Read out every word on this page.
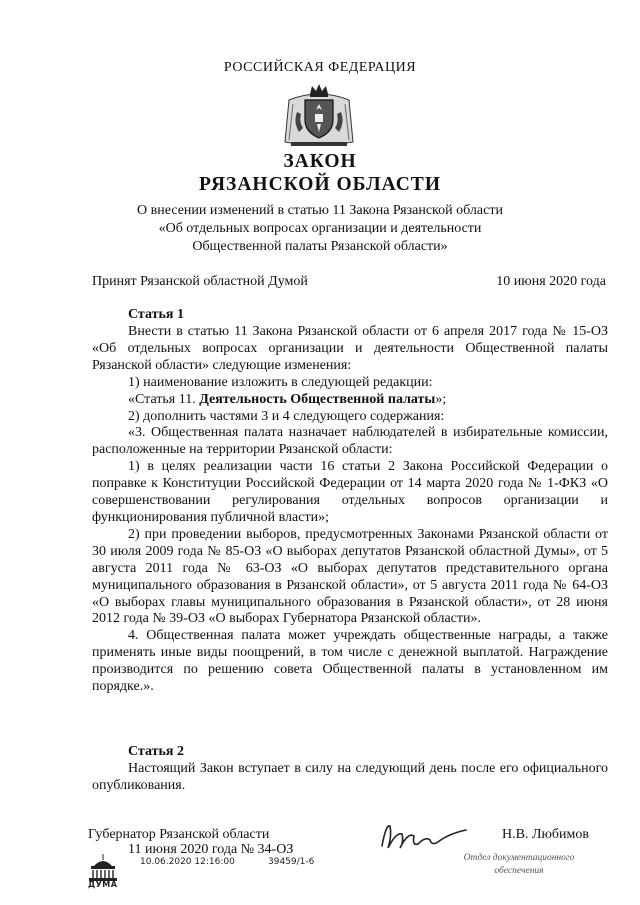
РОССИЙСКАЯ ФЕДЕРАЦИЯ
ЗАКОН
РЯЗАНСКОЙ ОБЛАСТИ
О внесении изменений в статью 11 Закона Рязанской области
«Об отдельных вопросах организации и деятельности
Общественной палаты Рязанской области»
Принят Рязанской областной Думой	10 июня 2020 года
Статья 1

Внести в статью 11 Закона Рязанской области от 6 апреля 2017 года № 15-ОЗ «Об отдельных вопросах организации и деятельности Общественной палаты Рязанской области» следующие изменения:

1) наименование изложить в следующей редакции:

«Статья 11. Деятельность Общественной палаты»;

2) дополнить частями 3 и 4 следующего содержания:

«3. Общественная палата назначает наблюдателей в избирательные комиссии, расположенные на территории Рязанской области:

1) в целях реализации части 16 статьи 2 Закона Российской Федерации о поправке к Конституции Российской Федерации от 14 марта 2020 года № 1-ФКЗ «О совершенствовании регулирования отдельных вопросов организации и функционирования публичной власти»;

2) при проведении выборов, предусмотренных Законами Рязанской области от 30 июля 2009 года № 85-ОЗ «О выборах депутатов Рязанской областной Думы», от 5 августа 2011 года № 63-ОЗ «О выборах депутатов представительного органа муниципального образования в Рязанской области», от 5 августа 2011 года № 64-ОЗ «О выборах главы муниципального образования в Рязанской области», от 28 июня 2012 года № 39-ОЗ «О выборах Губернатора Рязанской области».

4. Общественная палата может учреждать общественные награды, а также применять иные виды поощрений, в том числе с денежной выплатой. Награждение производится по решению совета Общественной палаты в установленном им порядке.».

Статья 2

Настоящий Закон вступает в силу на следующий день после его официального опубликования.

Губернатор Рязанской области
11 июня 2020 года № 34-ОЗ
Н.В. Любимов
ДУМА
10.06.2020 12:16:00	39459/1-6	Отдел документационного
обеспечения
